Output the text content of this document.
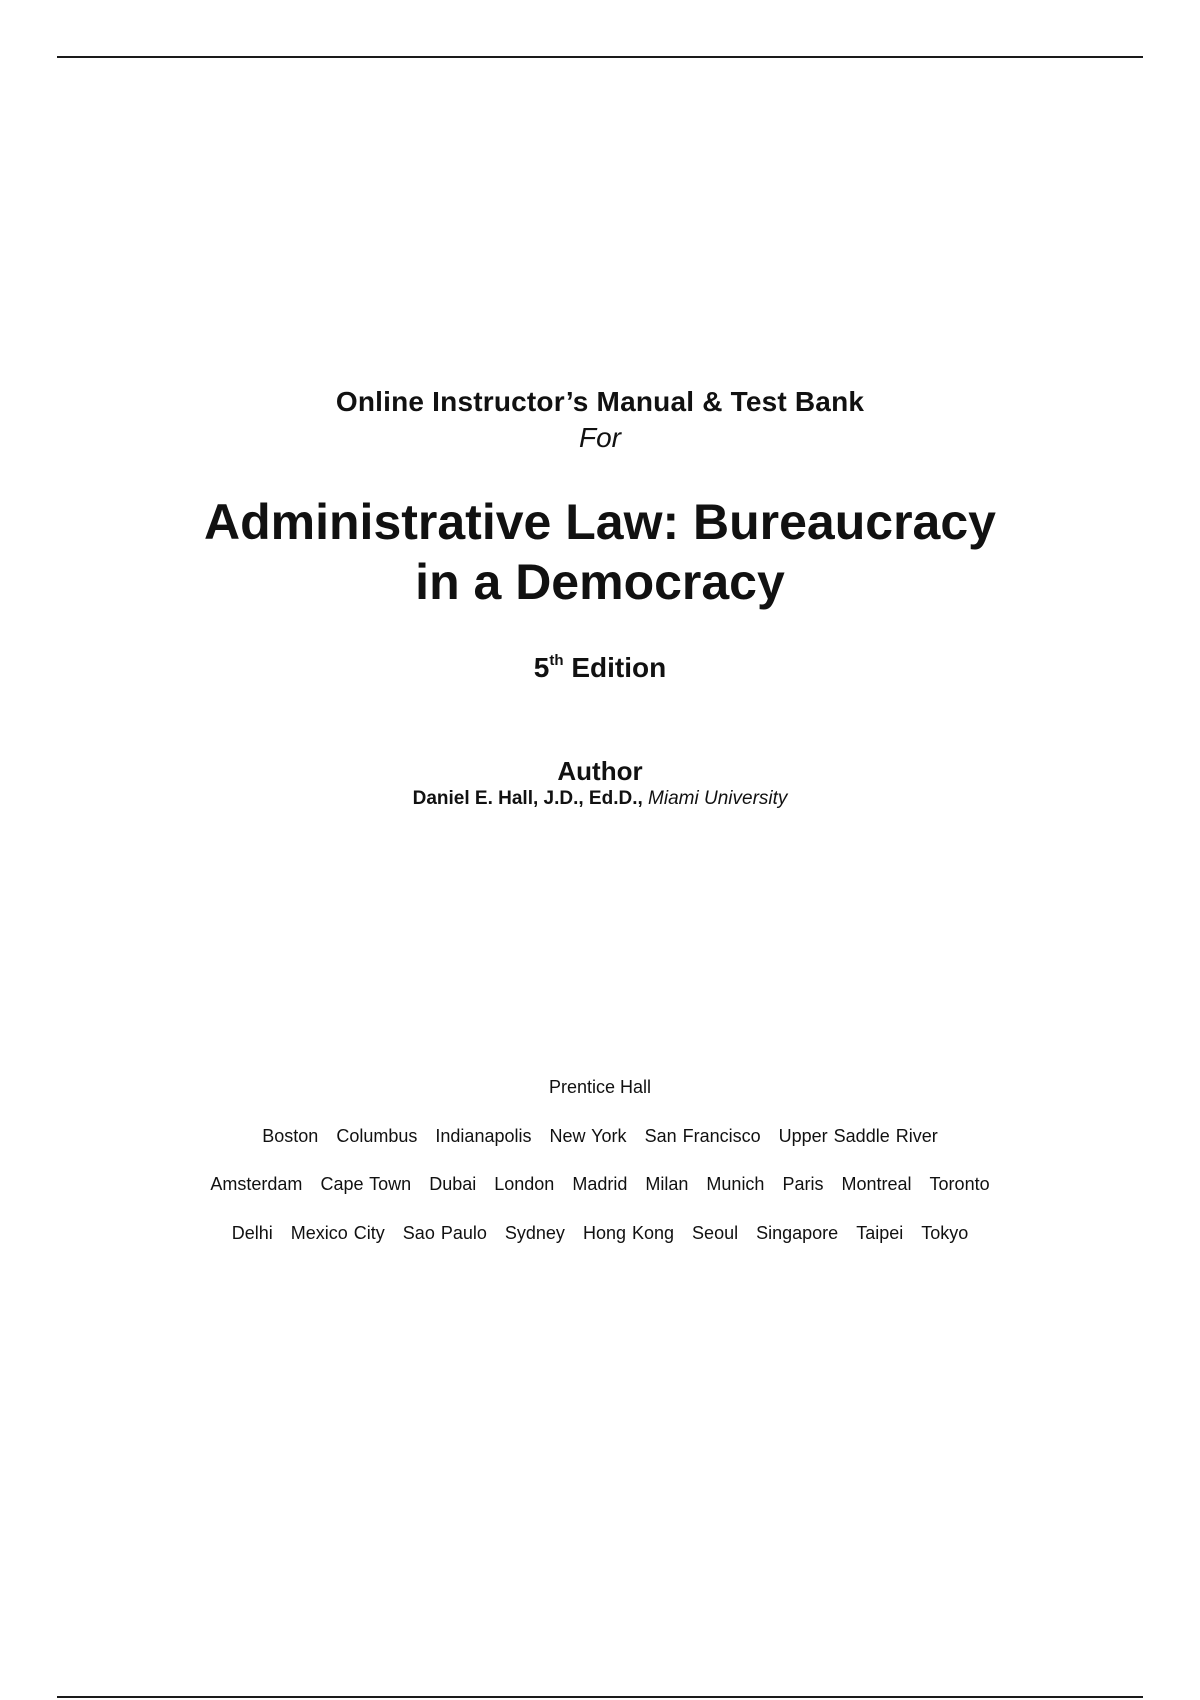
Online Instructor’s Manual & Test Bank
For
Administrative Law: Bureaucracy
in a Democracy
5th Edition
Author
Daniel E. Hall, J.D., Ed.D., Miami University
Prentice Hall
Boston Columbus Indianapolis New York San Francisco Upper Saddle River
Amsterdam Cape Town Dubai London Madrid Milan Munich Paris Montreal Toronto
Delhi Mexico City Sao Paulo Sydney Hong Kong Seoul Singapore Taipei Tokyo
